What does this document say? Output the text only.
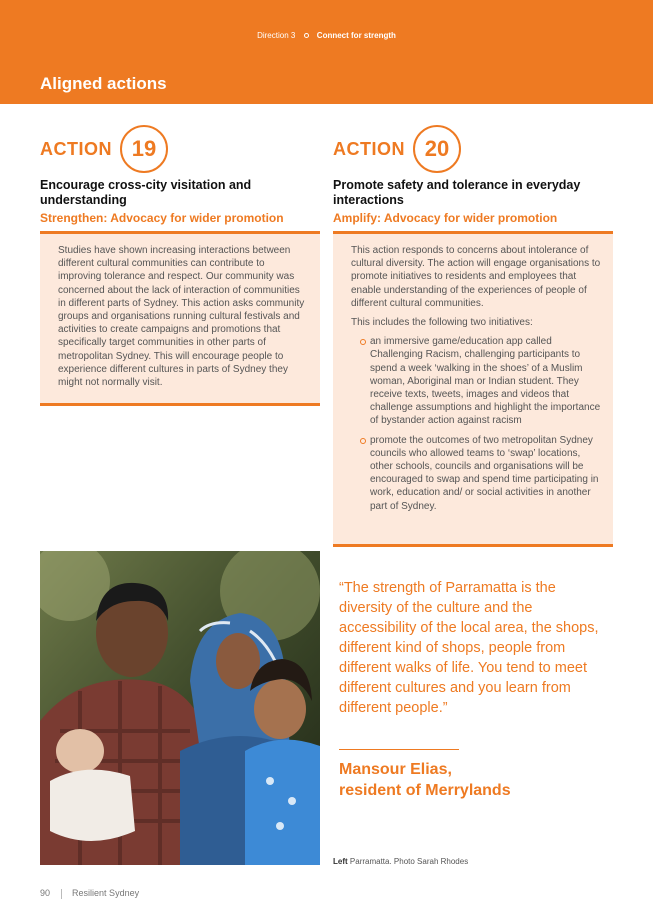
Direction 3	Connect for strength
Aligned actions
ACTION 19
Encourage cross-city visitation and understanding
Strengthen: Advocacy for wider promotion

Studies have shown increasing interactions between different cultural communities can contribute to improving tolerance and respect. Our community was concerned about the lack of interaction of communities in different parts of Sydney. This action asks community groups and organisations running cultural festivals and activities to create campaigns and promotions that specifically target communities in other parts of metropolitan Sydney. This will encourage people to experience different cultures in parts of Sydney they might not normally visit.

ACTION 20
Promote safety and tolerance in everyday interactions
Amplify: Advocacy for wider promotion

This action responds to concerns about intolerance of cultural diversity. The action will engage organisations to promote initiatives to residents and employees that enable understanding of the experiences of people of different cultural communities.

This includes the following two initiatives:

an immersive game/education app called Challenging Racism, challenging participants to spend a week ‘walking in the shoes’ of a Muslim woman, Aboriginal man or Indian student. They receive texts, tweets, images and videos that challenge assumptions and highlight the importance of bystander action against racism
promote the outcomes of two metropolitan Sydney councils who allowed teams to ‘swap’ locations, other schools, councils and organisations will be encouraged to swap and spend time participating in work, education and/ or social activities in another part of Sydney.
“The strength of Parramatta is the diversity of the culture and the accessibility of the local area, the shops, different kind of shops, people from different walks of life. You tend to meet different cultures and you learn from different people.”
Mansour Elias,
resident of Merrylands
Left Parramatta. Photo Sarah Rhodes
90 Resilient Sydney
